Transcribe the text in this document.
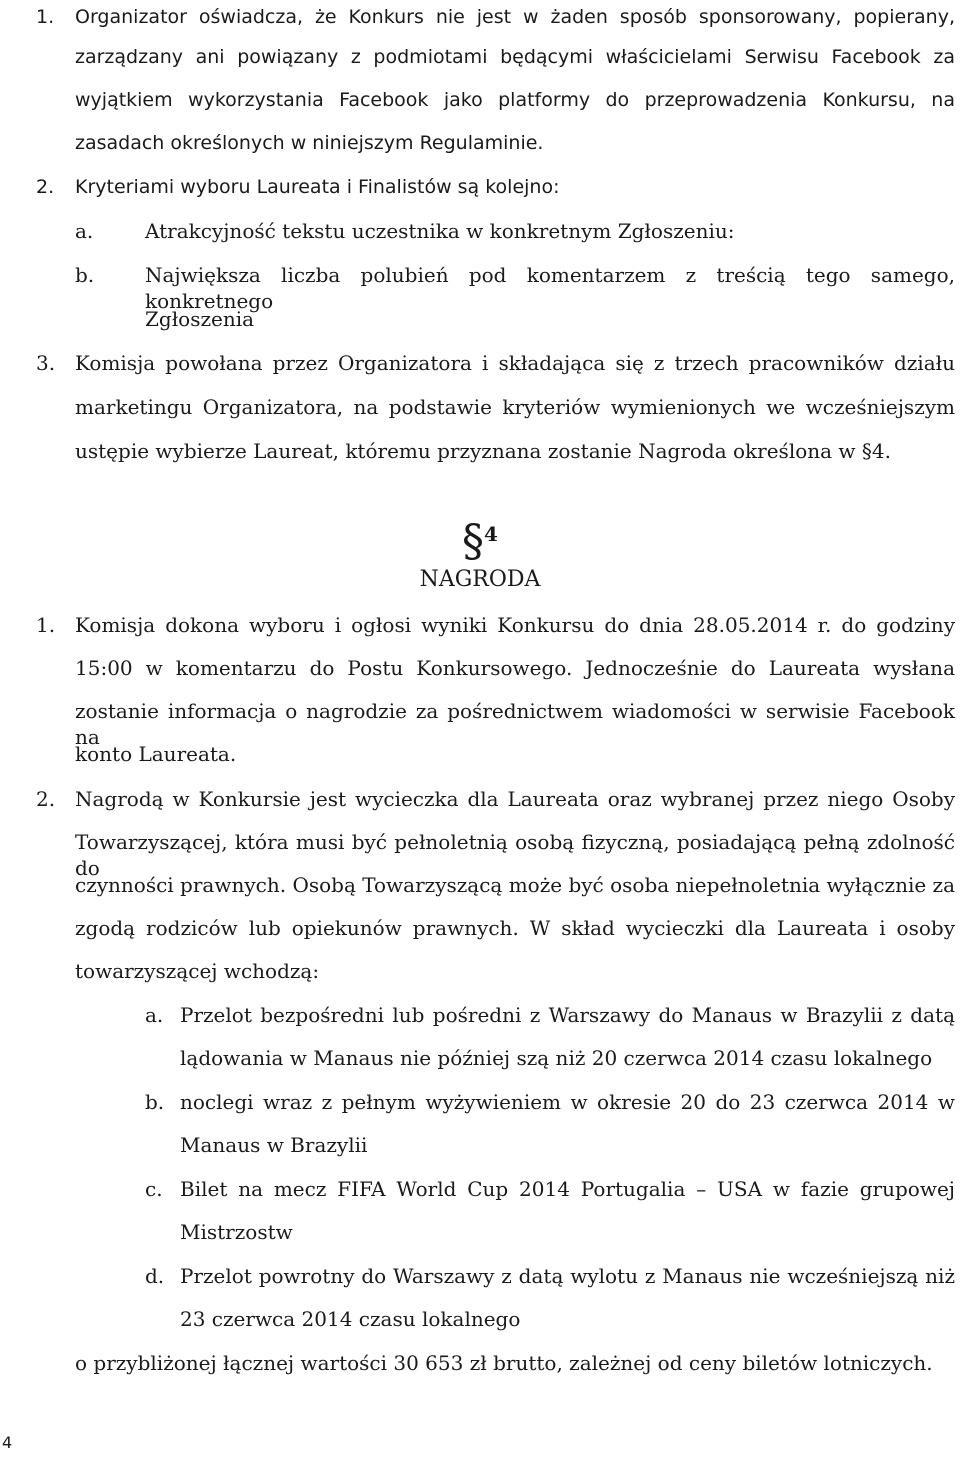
1. Organizator oświadcza, że Konkurs nie jest w żaden sposób sponsorowany, popierany,
zarządzany ani powiązany z podmiotami będącymi właścicielami Serwisu Facebook za
wyjątkiem wykorzystania Facebook jako platformy do przeprowadzenia Konkursu, na
zasadach określonych w niniejszym Regulaminie.
2. Kryteriami wyboru Laureata i Finalistów są kolejno:
a.	Atrakcyjność tekstu uczestnika w konkretnym Zgłoszeniu:
b.	Największa liczba polubień pod komentarzem z treścią tego samego, konkretnego
Zgłoszenia
3. Komisja powołana przez Organizatora i składająca się z trzech pracowników działu
marketingu Organizatora, na podstawie kryteriów wymienionych we wcześniejszym
ustępie wybierze Laureat, któremu przyznana zostanie Nagroda określona w §4.
§4
NAGRODA
1. Komisja dokona wyboru i ogłosi wyniki Konkursu do dnia 28.05.2014 r. do godziny
15:00 w komentarzu do Postu Konkursowego. Jednocześnie do Laureata wysłana
zostanie informacja o nagrodzie za pośrednictwem wiadomości w serwisie Facebook na
konto Laureata.
2. Nagrodą w Konkursie jest wycieczka dla Laureata oraz wybranej przez niego Osoby
Towarzyszącej, która musi być pełnoletnią osobą fizyczną, posiadającą pełną zdolność do
czynności prawnych. Osobą Towarzyszącą może być osoba niepełnoletnia wyłącznie za
zgodą rodziców lub opiekunów prawnych. W skład wycieczki dla Laureata i osoby
towarzyszącej wchodzą:
a. Przelot bezpośredni lub pośredni z Warszawy do Manaus w Brazylii z datą
lądowania w Manaus nie później szą niż 20 czerwca 2014 czasu lokalnego
b. noclegi wraz z pełnym wyżywieniem w okresie 20 do 23 czerwca 2014 w
Manaus w Brazylii
c. Bilet na mecz FIFA World Cup 2014 Portugalia – USA w fazie grupowej
Mistrzostw
d. Przelot powrotny do Warszawy z datą wylotu z Manaus nie wcześniejszą niż
23 czerwca 2014 czasu lokalnego
o przybliżonej łącznej wartości 30 653 zł brutto, zależnej od ceny biletów lotniczych.
4
